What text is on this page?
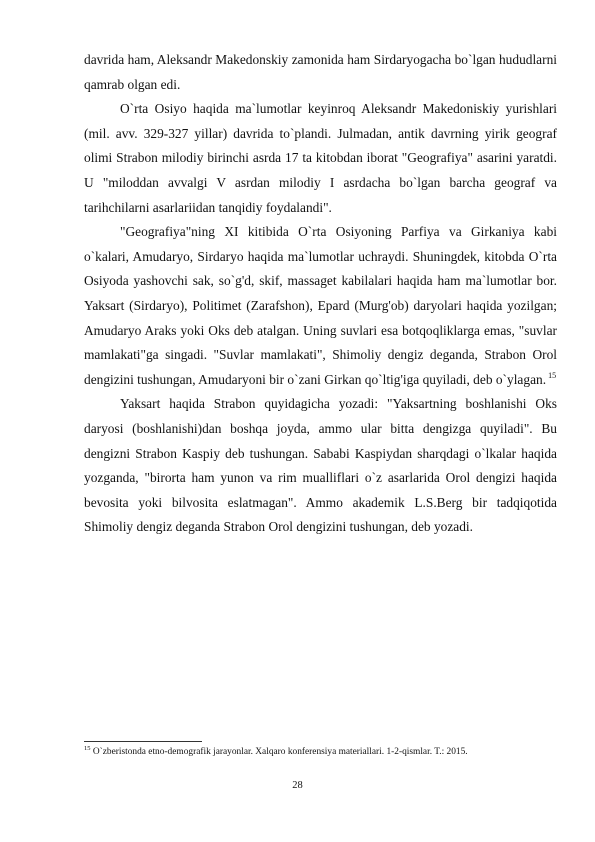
davrida ham, Aleksandr Makedonskiy zamonida ham Sirdaryogacha bo`lgan hududlarni qamrab olgan edi.

O`rta Osiyo haqida ma`lumotlar keyinroq Aleksandr Makedoniskiy yurishlari (mil. avv. 329-327 yillar) davrida to`plandi. Julmadan, antik davrning yirik geograf olimi Strabon milodiy birinchi asrda 17 ta kitobdan iborat "Geografiya" asarini yaratdi. U "miloddan avvalgi V asrdan milodiy I asrdacha bo`lgan barcha geograf va tarihchilarni asarlariidan tanqidiy foydalandi".

"Geografiya"ning XI kitibida O`rta Osiyoning Parfiya va Girkaniya kabi o`kalari, Amudaryo, Sirdaryo haqida ma`lumotlar uchraydi. Shuningdek, kitobda O`rta Osiyoda yashovchi sak, so`g'd, skif, massaget kabilalari haqida ham ma`lumotlar bor. Yaksart (Sirdaryo), Politimet (Zarafshon), Epard (Murg'ob) daryolari haqida yozilgan; Amudaryo Araks yoki Oks deb atalgan. Uning suvlari esa botqoqliklarga emas, "suvlar mamlakati"ga singadi. "Suvlar mamlakati", Shimoliy dengiz deganda, Strabon Orol dengizini tushungan, Amudaryoni bir o`zani Girkan qo`ltig'iga quyiladi, deb o`ylagan. $^{15}$

Yaksart haqida Strabon quyidagicha yozadi: "Yaksartning boshlanishi Oks daryosi (boshlanishi)dan boshqa joyda, ammo ular bitta dengizga quyiladi". Bu dengizni Strabon Kaspiy deb tushungan. Sababi Kaspiydan sharqdagi o`lkalar haqida yozganda, "birorta ham yunon va rim mualliflari o`z asarlarida Orol dengizi haqida bevosita yoki bilvosita eslatmagan". Ammo akademik L.S.Berg bir tadqiqotida Shimoliy dengiz deganda Strabon Orol dengizini tushungan, deb yozadi.

$^{15}$ O`zberistonda etno-demografik jarayonlar. Xalqaro konferensiya materiallari. 1-2-qismlar. T.: 2015.
28
